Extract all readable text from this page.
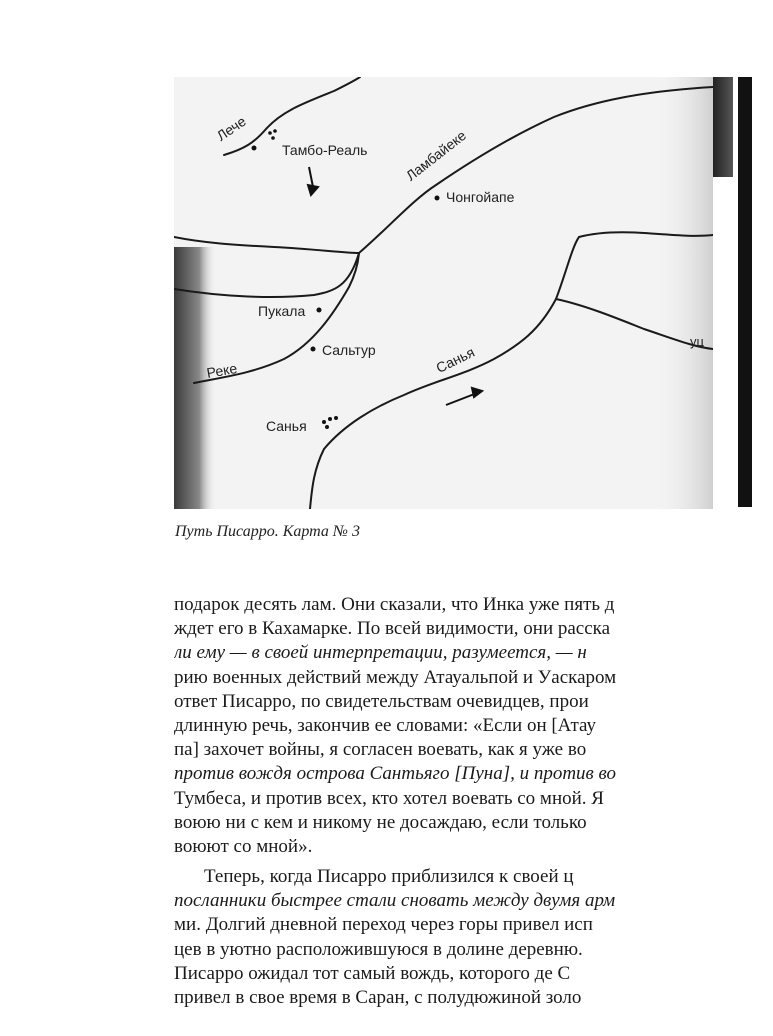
Лече
Тамбо-Реаль	Ламбайеке
Чонгойапе
Пукала
Сальтур
Реке	Санья
Санья
уц
Путь Писарро. Карта № 3
подарок десять лам. Они сказали, что Инка уже пять д
ждет его в Кахамарке. По всей видимости, они расска
ли ему — в своей интерпретации, разумеется, — н
рию военных действий между Атауальпой и Уаскаром
ответ Писарро, по свидетельствам очевидцев, прои
длинную речь, закончив ее словами: «Если он [Атау
па] захочет войны, я согласен воевать, как я уже во
против вождя острова Сантьяго [Пуна], и против во
Тумбеса, и против всех, кто хотел воевать со мной. Я
воюю ни с кем и никому не досаждаю, если только
воюют со мной».
Теперь, когда Писарро приблизился к своей ц
посланники быстрее стали сновать между двумя арм
ми. Долгий дневной переход через горы привел исп
цев в уютно расположившуюся в долине деревню.
Писарро ожидал тот самый вождь, которого де С
привел в свое время в Саран, с полудюжиной золо
